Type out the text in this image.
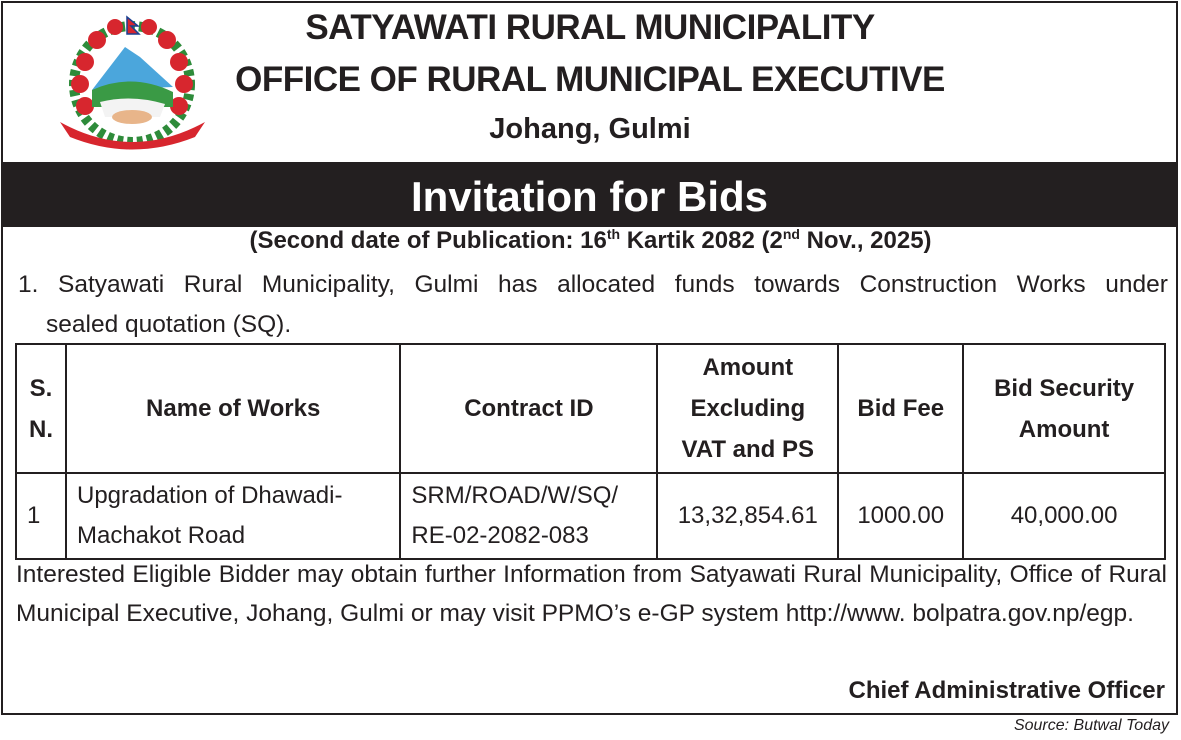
SATYAWATI RURAL MUNICIPALITY
OFFICE OF RURAL MUNICIPAL EXECUTIVE
Johang, Gulmi
Invitation for Bids
(Second date of Publication: 16th Kartik 2082 (2nd Nov., 2025)
1. Satyawati Rural Municipality, Gulmi has allocated funds towards Construction Works under
sealed quotation (SQ).
S. N.	Name of Works	Contract ID	Amount Excluding VAT and PS	Bid Fee	Bid Security Amount
1	Upgradation of Dhawadi-Machakot Road	SRM/ROAD/W/SQ/ RE-02-2082-083	13,32,854.61	1000.00	40,000.00
Interested Eligible Bidder may obtain further Information from Satyawati Rural Municipality, Office of Rural Municipal Executive, Johang, Gulmi or may visit PPMO’s e-GP system http://www. bolpatra.gov.np/egp.
Chief Administrative Officer
Source: Butwal Today
